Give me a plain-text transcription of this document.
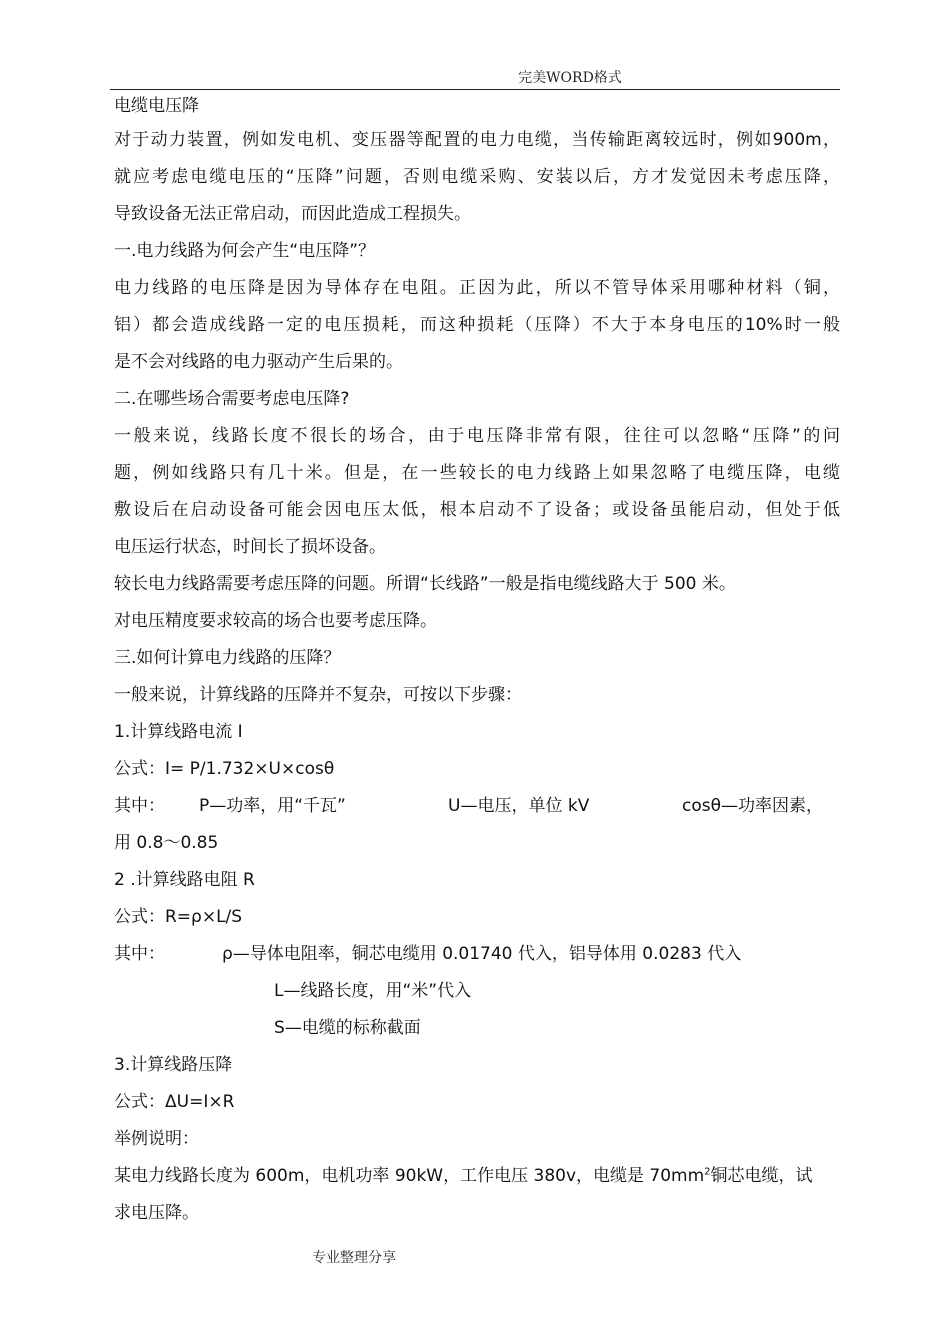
完美WORD格式
电缆电压降
对于动力装置，例如发电机、变压器等配置的电力电缆，当传输距离较远时，例如900m，
就应考虑电缆电压的“压降”问题，否则电缆采购、安装以后，方才发觉因未考虑压降，
导致设备无法正常启动，而因此造成工程损失。
一.电力线路为何会产生“电压降”？
电力线路的电压降是因为导体存在电阻。正因为此，所以不管导体采用哪种材料（铜，
铝）都会造成线路一定的电压损耗，而这种损耗（压降）不大于本身电压的10%时一般
是不会对线路的电力驱动产生后果的。
二.在哪些场合需要考虑电压降?
一般来说，线路长度不很长的场合，由于电压降非常有限，往往可以忽略“压降”的问
题，例如线路只有几十米。但是，在一些较长的电力线路上如果忽略了电缆压降，电缆
敷设后在启动设备可能会因电压太低，根本启动不了设备；或设备虽能启动，但处于低
电压运行状态，时间长了损坏设备。
较长电力线路需要考虑压降的问题。所谓“长线路”一般是指电缆线路大于 500 米。
对电压精度要求较高的场合也要考虑压降。
三.如何计算电力线路的压降？
一般来说，计算线路的压降并不复杂，可按以下步骤：
1.计算线路电流 I
公式：I= P/1.732×U×cosθ
其中： P—功率，用“千瓦”	U—电压，单位 kV	cosθ—功率因素，
用 0.8～0.85
2 .计算线路电阻 R
公式：R=ρ×L/S
其中：	ρ—导体电阻率，铜芯电缆用 0.01740 代入，铝导体用 0.0283 代入
L—线路长度，用“米”代入
S—电缆的标称截面
3.计算线路压降
公式：ΔU=I×R
举例说明：
某电力线路长度为 600m，电机功率 90kW，工作电压 380v，电缆是 $70mm^2$铜芯电缆，试
求电压降。
专业整理分享
